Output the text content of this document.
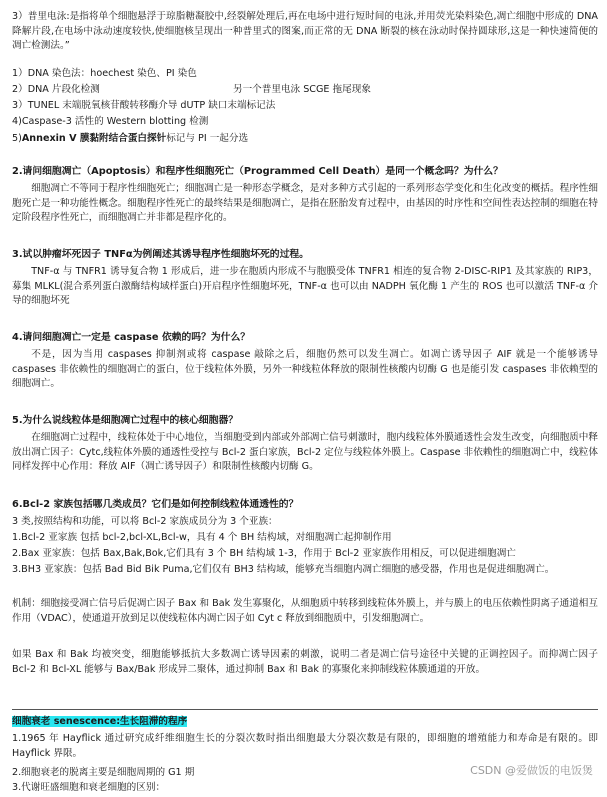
3）普里电泳:是指将单个细胞悬浮于琼脂糖凝胶中,经裂解处理后,再在电场中进行短时间的电泳,并用荧光染料染色,凋亡细胞中形成的 DNA 降解片段,在电场中泳动速度较快,使细胞核呈现出一种普里式的图案,而正常的无 DNA 断裂的核在泳动时保持圆球形,这是一种快速简便的凋亡检测法。”

1）DNA 染色法：hoechest 染色、PI 染色

2）DNA 片段化检测	另一个普里电泳 SCGE 拖尾现象

3）TUNEL 末端脱氧核苷酸转移酶介导 dUTP 缺口末端标记法

4)Caspase-3 活性的 Western blotting 检测

5)Annexin V 膜黏附结合蛋白探针标记与 PI 一起分选

2.请问细胞凋亡（Apoptosis）和程序性细胞死亡（Programmed Cell Death）是同一个概念吗？为什么？

细胞凋亡不等同于程序性细胞死亡；细胞凋亡是一种形态学概念，是对多种方式引起的一系列形态学变化和生化改变的概括。程序性细胞死亡是一种功能性概念。细胞程序性死亡的最终结果是细胞凋亡，是指在胚胎发育过程中，由基因的时序性和空间性表达控制的细胞在特定阶段程序性死亡，而细胞凋亡并非都是程序化的。

3.试以肿瘤坏死因子 TNFα为例阐述其诱导程序性细胞坏死的过程。

TNF-α 与 TNFR1 诱导复合物 1 形成后，进一步在胞质内形成不与胞膜受体 TNFR1 相连的复合物 2-DISC-RIP1 及其家族的 RIP3，募集 MLKL(混合系列蛋白激酶结构域样蛋白)开启程序性细胞坏死，TNF-α 也可以由 NADPH 氧化酶 1 产生的 ROS 也可以激活 TNF-α 介导的细胞坏死

4.请问细胞凋亡一定是 caspase 依赖的吗？为什么？

不是，因为当用 caspases 抑制剂或将 caspase 敲除之后，细胞仍然可以发生凋亡。如凋亡诱导因子 AIF 就是一个能够诱导 caspases 非依赖性的细胞凋亡的蛋白，位于线粒体外膜，另外一种线粒体释放的限制性核酸内切酶 G 也是能引发 caspases 非依赖型的细胞凋亡。

5.为什么说线粒体是细胞凋亡过程中的核心细胞器？

在细胞凋亡过程中，线粒体处于中心地位，当细胞受到内部或外部凋亡信号刺激时，胞内线粒体外膜通透性会发生改变，向细胞质中释放出凋亡因子：Cytc,线粒体外膜的通透性受控与 Bcl-2 蛋白家族，Bcl-2 定位与线粒体外膜上。Caspase 非依赖性的细胞凋亡中，线粒体同样发挥中心作用：释放 AIF（凋亡诱导因子）和限制性核酸内切酶 G。

6.Bcl-2 家族包括哪几类成员？它们是如何控制线粒体通透性的？

3 类,按照结构和功能，可以将 Bcl-2 家族成员分为 3 个亚族：

1.Bcl-2 亚家族 包括 bcl-2,bcl-XL,Bcl-w，具有 4 个 BH 结构域，对细胞凋亡起抑制作用

2.Bax 亚家族：包括 Bax,Bak,Bok,它们具有 3 个 BH 结构域 1-3，作用于 Bcl-2 亚家族作用相反，可以促进细胞凋亡

3.BH3 亚家族：包括 Bad Bid Bik Puma,它们仅有 BH3 结构域，能够充当细胞内凋亡细胞的感受器，作用也是促进细胞凋亡。

机制：细胞接受凋亡信号后促凋亡因子 Bax 和 Bak 发生寡聚化，从细胞质中转移到线粒体外膜上，并与膜上的电压依赖性阴离子通道相互作用（VDAC），使通道开放到足以使线粒体内凋亡因子如 Cyt c 释放到细胞质中，引发细胞凋亡。

如果 Bax 和 Bak 均被突变，细胞能够抵抗大多数凋亡诱导因素的刺激，说明二者是凋亡信号途径中关键的正调控因子。而抑凋亡因子 Bcl-2 和 Bcl-XL 能够与 Bax/Bak 形成异二聚体，通过抑制 Bax 和 Bak 的寡聚化来抑制线粒体膜通道的开放。

细胞衰老 senescence:生长阻滞的程序

1.1965 年 Hayflick 通过研究成纤维细胞生长的分裂次数时指出细胞最大分裂次数是有限的，即细胞的增殖能力和寿命是有限的。即 Hayflick 界限。

2.细胞衰老的脱离主要是细胞周期的 G1 期

3.代谢旺盛细胞和衰老细胞的区别：

CSDN @爱做饭的电饭煲
